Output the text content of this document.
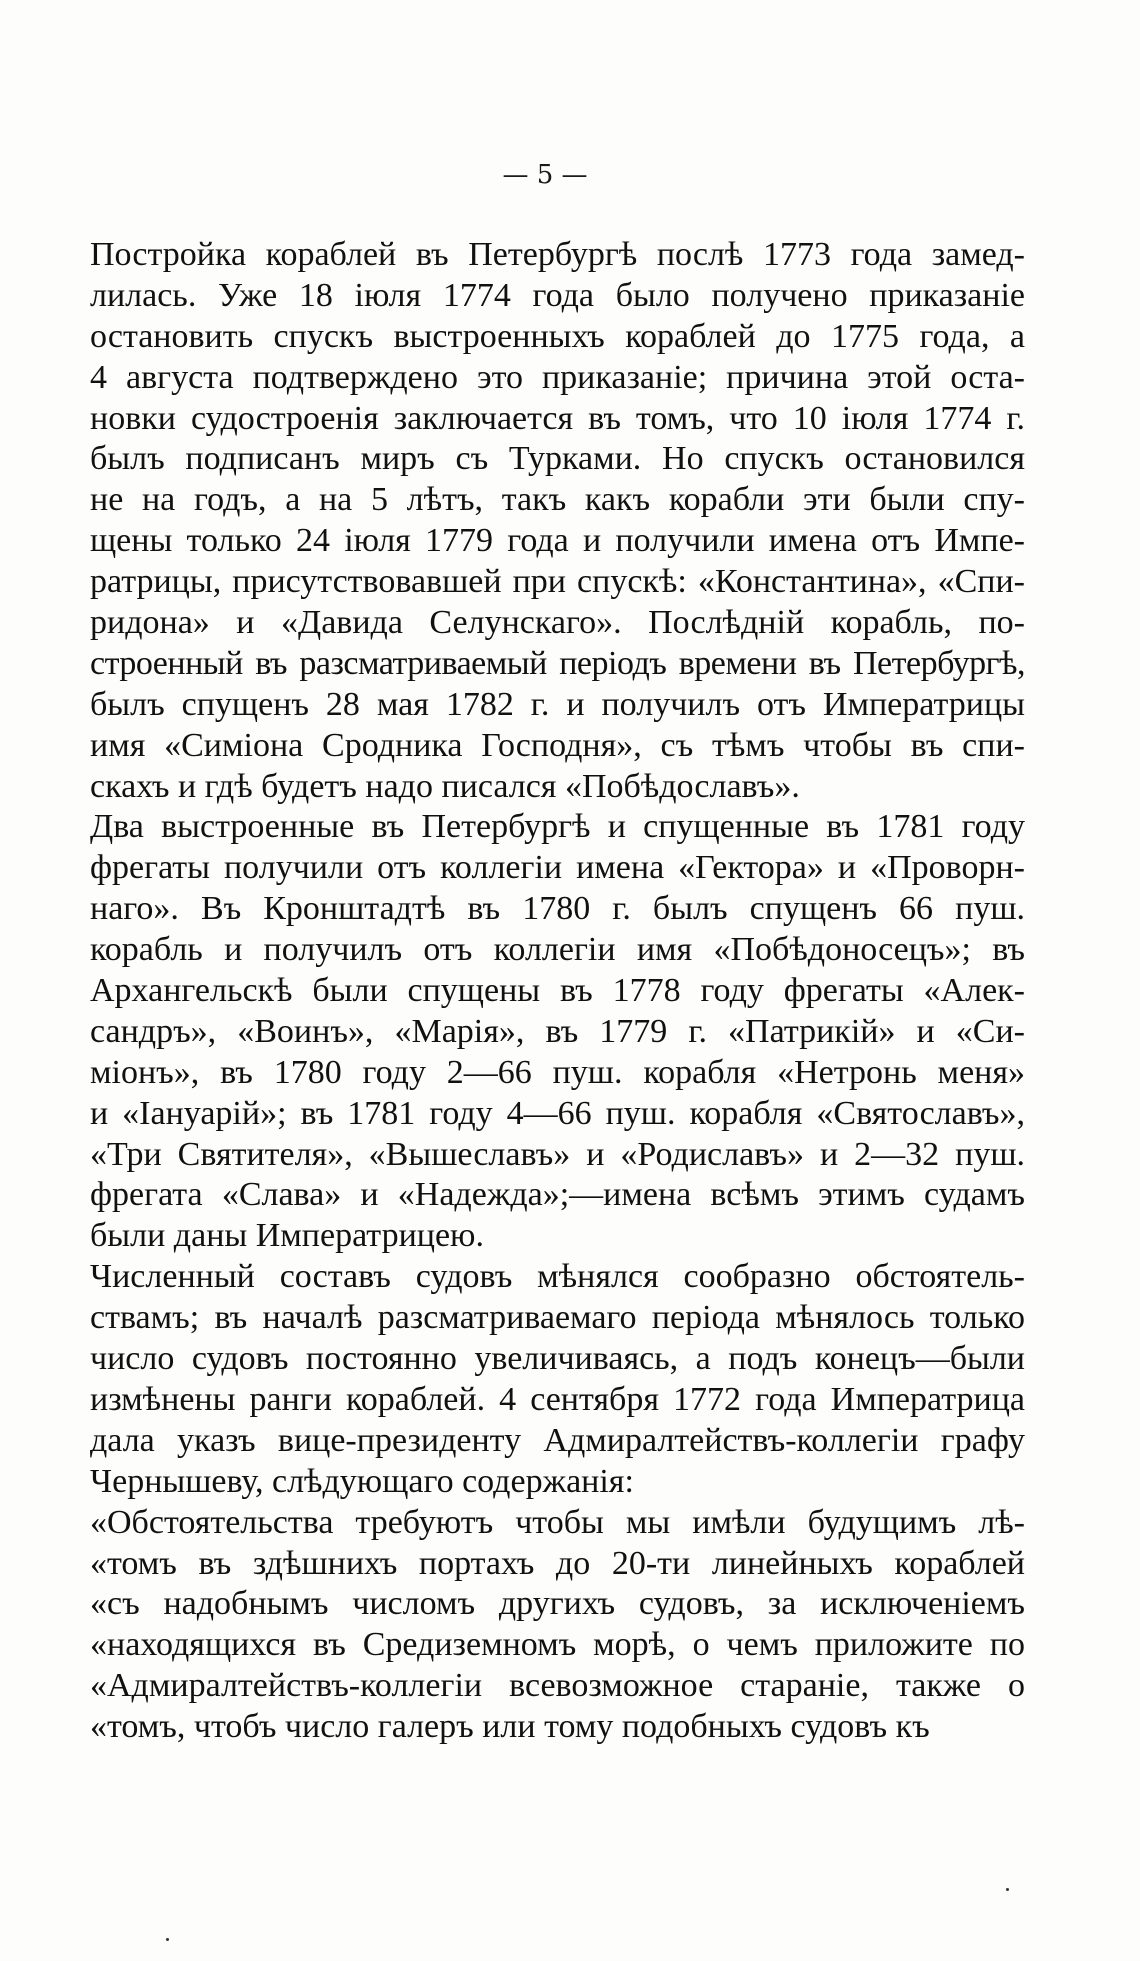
— 5 —
Постройка кораблей въ Петербургѣ послѣ 1773 года замед-
лилась. Уже 18 іюля 1774 года было получено приказаніе
остановить спускъ выстроенныхъ кораблей до 1775 года, а
4 августа подтверждено это приказаніе; причина этой оста-
новки судостроенія заключается въ томъ, что 10 іюля 1774 г.
былъ подписанъ миръ съ Турками. Но спускъ остановился
не на годъ, а на 5 лѣтъ, такъ какъ корабли эти были спу-
щены только 24 іюля 1779 года и получили имена отъ Импе-
ратрицы, присутствовавшей при спускѣ: «Константина», «Спи-
ридона» и «Давида Селунскаго». Послѣдній корабль, по-
строенный въ разсматриваемый періодъ времени въ Петербургѣ,
былъ спущенъ 28 мая 1782 г. и получилъ отъ Императрицы
имя «Симіона Сродника Господня», съ тѣмъ чтобы въ спи-
скахъ и гдѣ будетъ надо писался «Побѣдославъ».
Два выстроенные въ Петербургѣ и спущенные въ 1781 году
фрегаты получили отъ коллегіи имена «Гектора» и «Проворн-
наго». Въ Кронштадтѣ въ 1780 г. былъ спущенъ 66 пуш.
корабль и получилъ отъ коллегіи имя «Побѣдоносецъ»; въ
Архангельскѣ были спущены въ 1778 году фрегаты «Алек-
сандръ», «Воинъ», «Марія», въ 1779 г. «Патрикій» и «Си-
міонъ», въ 1780 году 2—66 пуш. корабля «Нетронь меня»
и «Іануарій»; въ 1781 году 4—66 пуш. корабля «Святославъ»,
«Три Святителя», «Вышеславъ» и «Родиславъ» и 2—32 пуш.
фрегата «Слава» и «Надежда»;—имена всѣмъ этимъ судамъ
были даны Императрицею.
Численный составъ судовъ мѣнялся сообразно обстоятель-
ствамъ; въ началѣ разсматриваемаго періода мѣнялось только
число судовъ постоянно увеличиваясь, а подъ конецъ—были
измѣнены ранги кораблей. 4 сентября 1772 года Императрица
дала указъ вице-президенту Адмиралтействъ-коллегіи графу
Чернышеву, слѣдующаго содержанія:
«Обстоятельства требуютъ чтобы мы имѣли будущимъ лѣ-
«томъ въ здѣшнихъ портахъ до 20-ти линейныхъ кораблей
«съ надобнымъ числомъ другихъ судовъ, за исключеніемъ
«находящихся въ Средиземномъ морѣ, о чемъ приложите по
«Адмиралтействъ-коллегіи всевозможное стараніе, также о
«томъ, чтобъ число галеръ или тому подобныхъ судовъ къ
